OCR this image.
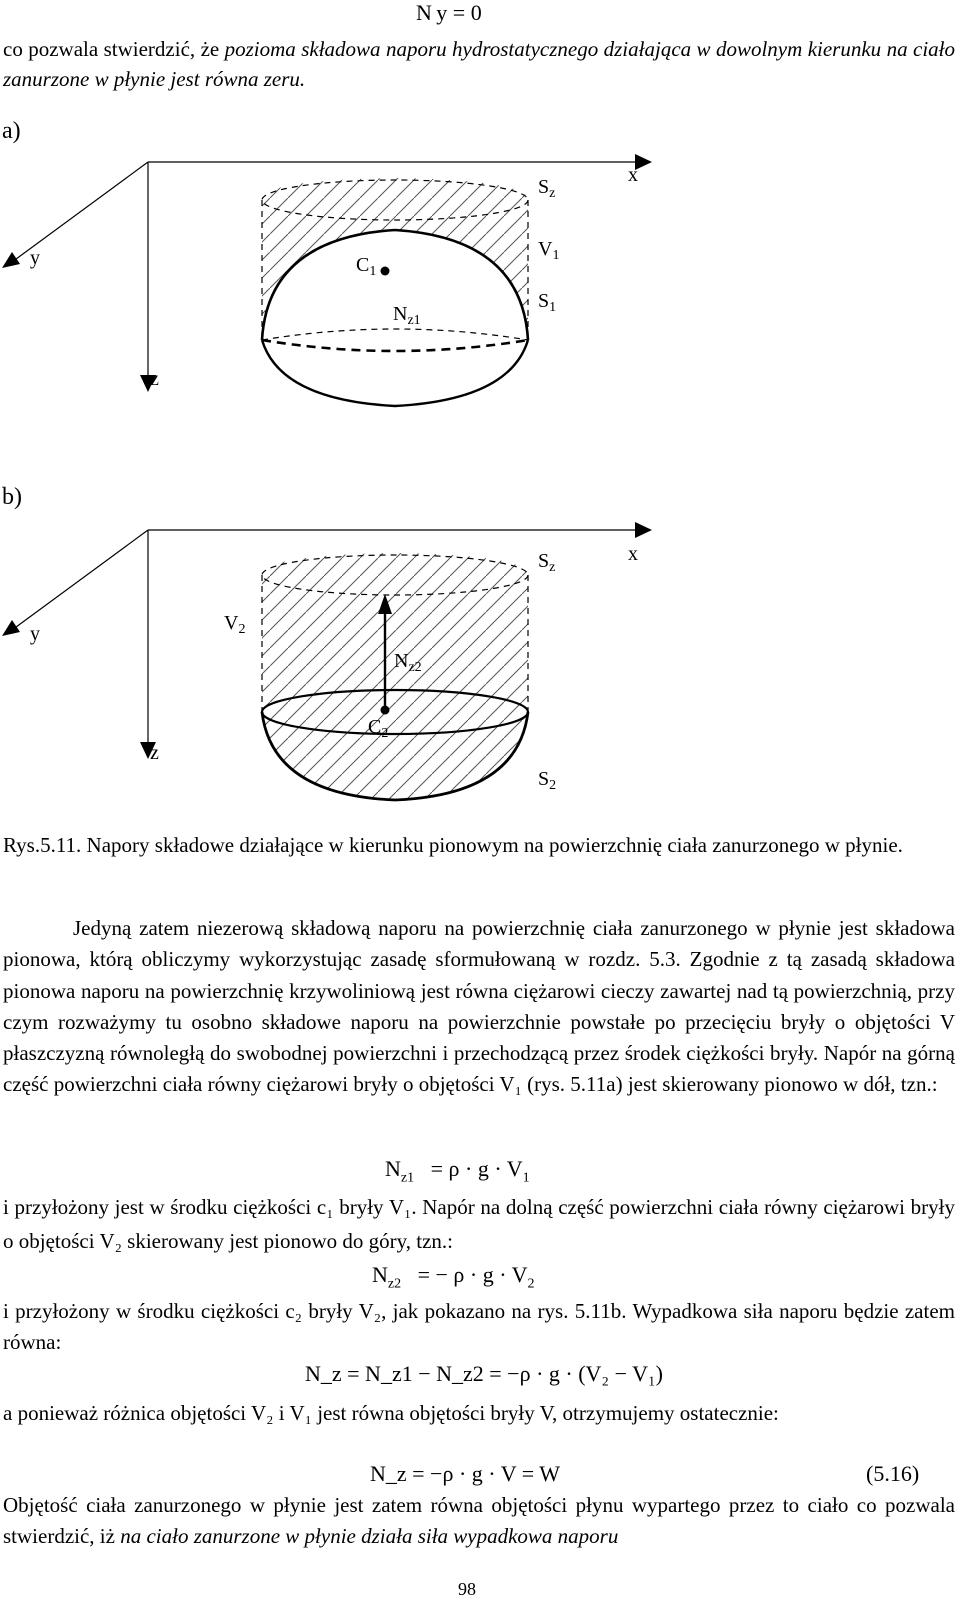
N y = 0
co pozwala stwierdzić, że pozioma składowa naporu hydrostatycznego działająca w dowolnym kierunku na ciało zanurzone w płynie jest równa zeru.
a)
x
y
z
$S_z$
$V_1$
$C_1$
$S_1$
$N_{z1}$
b)
x
y
z
$S_z$
$V_2$
$N_{z2}$
$C_2$
$S_2$
Rys.5.11. Napory składowe działające w kierunku pionowym na powierzchnię ciała zanurzonego w płynie.
Jedyną zatem niezerową składową naporu na powierzchnię ciała zanurzonego w płynie jest składowa pionowa, którą obliczymy wykorzystując zasadę sformułowaną w rozdz. 5.3. Zgodnie z tą zasadą składowa pionowa naporu na powierzchnię krzywoliniową jest równa ciężarowi cieczy zawartej nad tą powierzchnią, przy czym rozważymy tu osobno składowe naporu na powierzchnie powstałe po przecięciu bryły o objętości V płaszczyzną równoległą do swobodnej powierzchni i przechodzącą przez środek ciężkości bryły. Napór na górną część powierzchni ciała równy ciężarowi bryły o objętości V₁ (rys. 5.11a) jest skierowany pionowo w dół, tzn.:
$N_{z1} = \rho \cdot g \cdot V_1$
i przyłożony jest w środku ciężkości c₁ bryły V₁. Napór na dolną część powierzchni ciała równy ciężarowi bryły o objętości V₂ skierowany jest pionowo do góry, tzn.:
$N_{z2}$ = − $\rho \cdot g \cdot V_2$
i przyłożony w środku ciężkości c₂ bryły V₂, jak pokazano na rys. 5.11b. Wypadkowa siła naporu będzie zatem równa:
N_z = N_z1 − N_z2 = −ρ · g · (V₂ − V₁)
a ponieważ różnica objętości V₂ i V₁ jest równa objętości bryły V, otrzymujemy ostatecznie:
N_z = −ρ · g · V = W	(5.16)
Objętość ciała zanurzonego w płynie jest zatem równa objętości płynu wypartego przez to ciało co pozwala stwierdzić, iż na ciało zanurzone w płynie działa siła wypadkowa naporu
98
